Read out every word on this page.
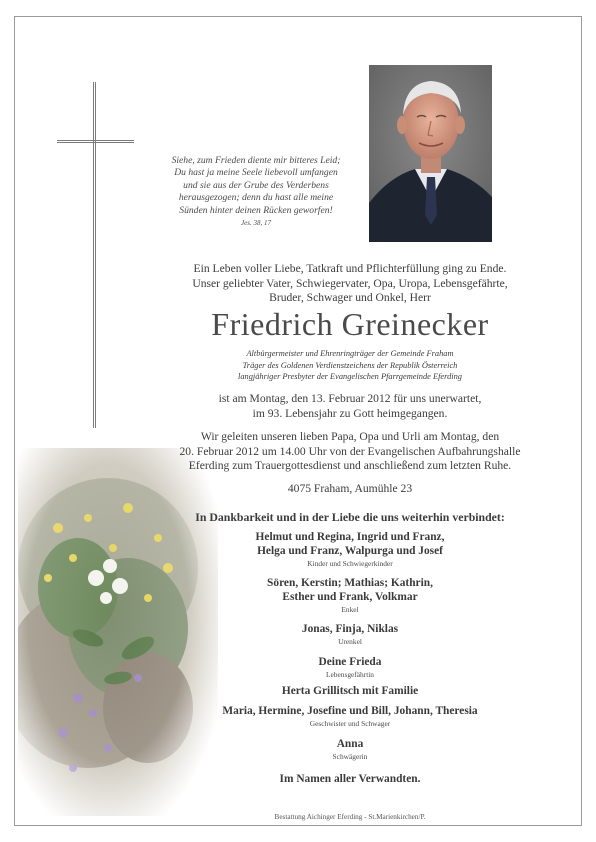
Siehe, zum Frieden diente mir bitteres Leid;
Du hast ja meine Seele liebevoll umfangen
und sie aus der Grube des Verderbens
herausgezogen; denn du hast alle meine
Sünden hinter deinen Rücken geworfen!
Jes. 38, 17
Ein Leben voller Liebe, Tatkraft und Pflichterfüllung ging zu Ende.
Unser geliebter Vater, Schwiegervater, Opa, Uropa, Lebensgefährte,
Bruder, Schwager und Onkel, Herr
Friedrich Greinecker
Altbürgermeister und Ehrenringträger der Gemeinde Fraham
Träger des Goldenen Verdienstzeichens der Republik Österreich
langjähriger Presbyter der Evangelischen Pfarrgemeinde Eferding
ist am Montag, den 13. Februar 2012 für uns unerwartet,
im 93. Lebensjahr zu Gott heimgegangen.
Wir geleiten unseren lieben Papa, Opa und Urli am Montag, den
20. Februar 2012 um 14.00 Uhr von der Evangelischen Aufbahrungshalle
Eferding zum Trauergottesdienst und anschließend zum letzten Ruhe.
4075 Fraham, Aumühle 23
In Dankbarkeit und in der Liebe die uns weiterhin verbindet:
Helmut und Regina, Ingrid und Franz,
Helga und Franz, Walpurga und Josef
Kinder und Schwiegerkinder
Sören, Kerstin; Mathias; Kathrin,
Esther und Frank, Volkmar
Enkel
Jonas, Finja, Niklas
Urenkel
Deine Frieda
Lebensgefährtin
Herta Grillitsch mit Familie
Maria, Hermine, Josefine und Bill, Johann, Theresia
Geschwister und Schwager
Anna
Schwägerin
Im Namen aller Verwandten.
Bestattung Aichinger Eferding - St.Marienkirchen/P.
